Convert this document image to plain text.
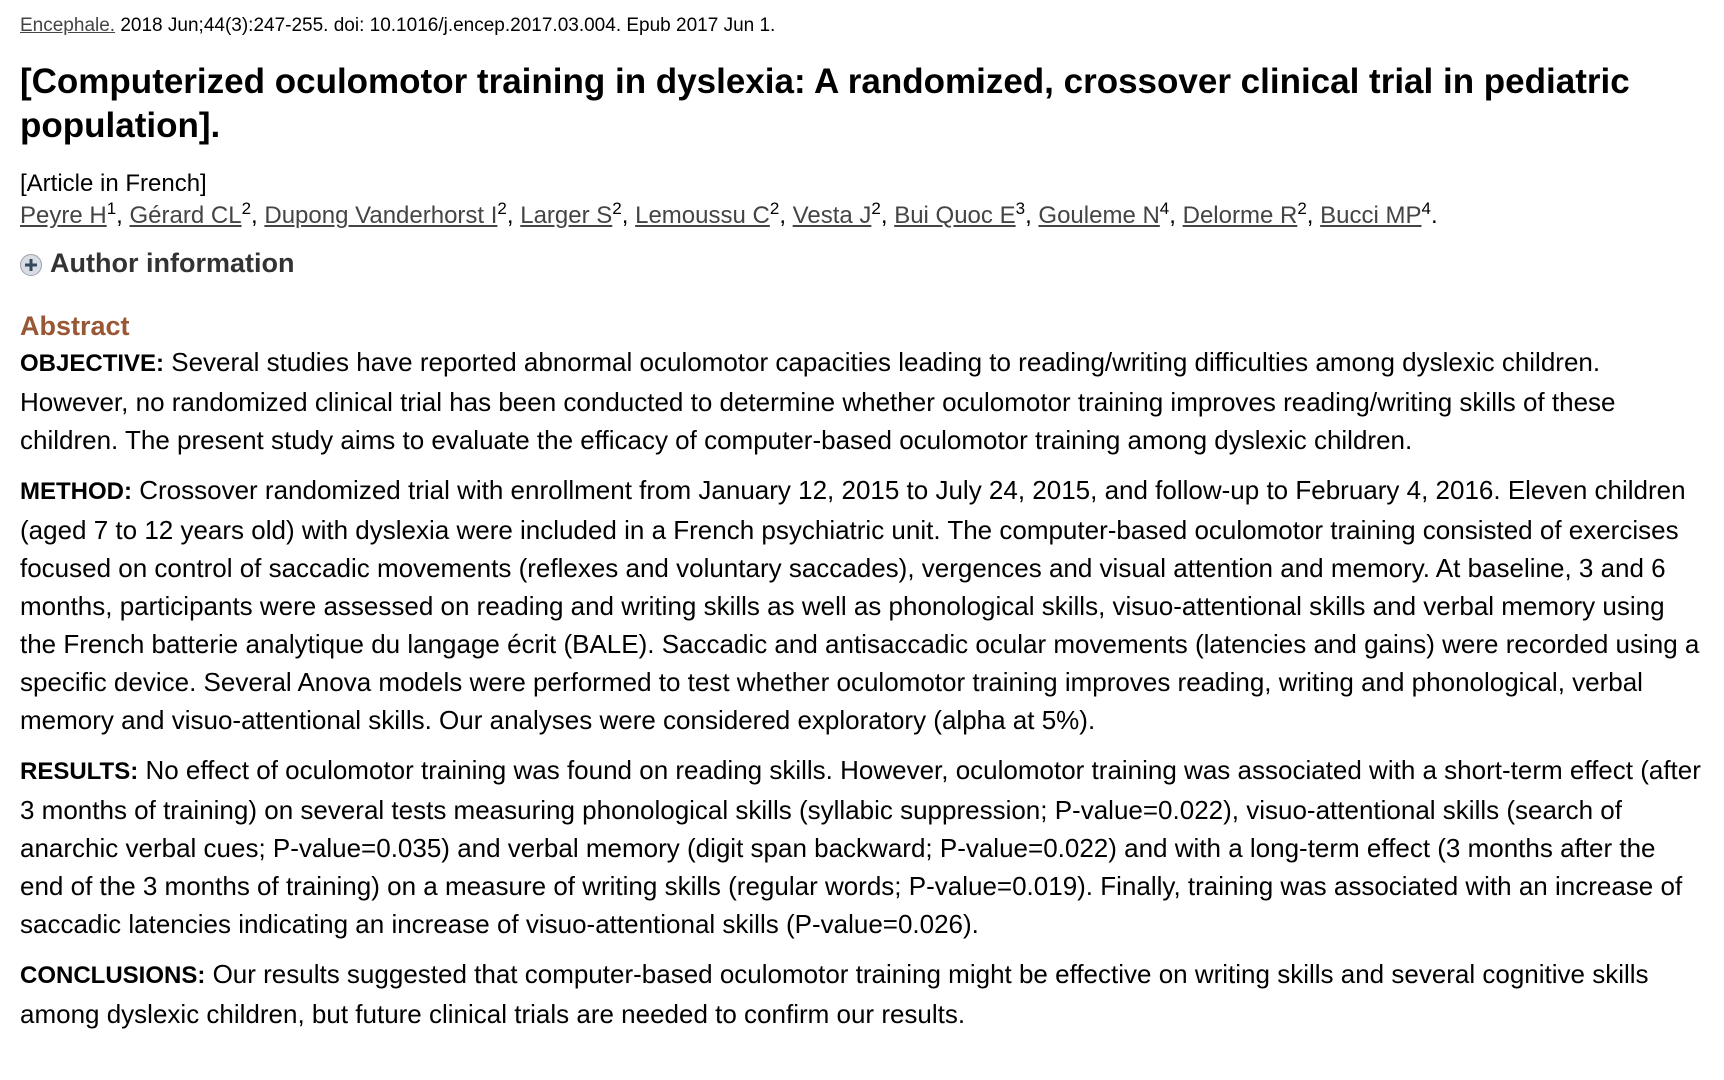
Encephale. 2018 Jun;44(3):247-255. doi: 10.1016/j.encep.2017.03.004. Epub 2017 Jun 1.
[Computerized oculomotor training in dyslexia: A randomized, crossover clinical trial in pediatric population].
[Article in French]

Peyre $H^1$, Gérard $CL^2$, Dupong Vanderhorst $I^2$, Larger $S^2$, Lemoussu $C^2$, Vesta $J^2$, Bui Quoc $E^3$, Gouleme $N^4$, Delorme $R^2$, Bucci $MP^4$.

Author information
Abstract

OBJECTIVE: Several studies have reported abnormal oculomotor capacities leading to reading/writing difficulties among dyslexic children. However, no randomized clinical trial has been conducted to determine whether oculomotor training improves reading/writing skills of these children. The present study aims to evaluate the efficacy of computer-based oculomotor training among dyslexic children.

METHOD: Crossover randomized trial with enrollment from January 12, 2015 to July 24, 2015, and follow-up to February 4, 2016. Eleven children (aged 7 to 12 years old) with dyslexia were included in a French psychiatric unit. The computer-based oculomotor training consisted of exercises focused on control of saccadic movements (reflexes and voluntary saccades), vergences and visual attention and memory. At baseline, 3 and 6 months, participants were assessed on reading and writing skills as well as phonological skills, visuo-attentional skills and verbal memory using the French batterie analytique du langage écrit (BALE). Saccadic and antisaccadic ocular movements (latencies and gains) were recorded using a specific device. Several Anova models were performed to test whether oculomotor training improves reading, writing and phonological, verbal memory and visuo-attentional skills. Our analyses were considered exploratory (alpha at 5%).

RESULTS: No effect of oculomotor training was found on reading skills. However, oculomotor training was associated with a short-term effect (after 3 months of training) on several tests measuring phonological skills (syllabic suppression; P-value=0.022), visuo-attentional skills (search of anarchic verbal cues; P-value=0.035) and verbal memory (digit span backward; P-value=0.022) and with a long-term effect (3 months after the end of the 3 months of training) on a measure of writing skills (regular words; P-value=0.019). Finally, training was associated with an increase of saccadic latencies indicating an increase of visuo-attentional skills (P-value=0.026).

CONCLUSIONS: Our results suggested that computer-based oculomotor training might be effective on writing skills and several cognitive skills among dyslexic children, but future clinical trials are needed to confirm our results.
